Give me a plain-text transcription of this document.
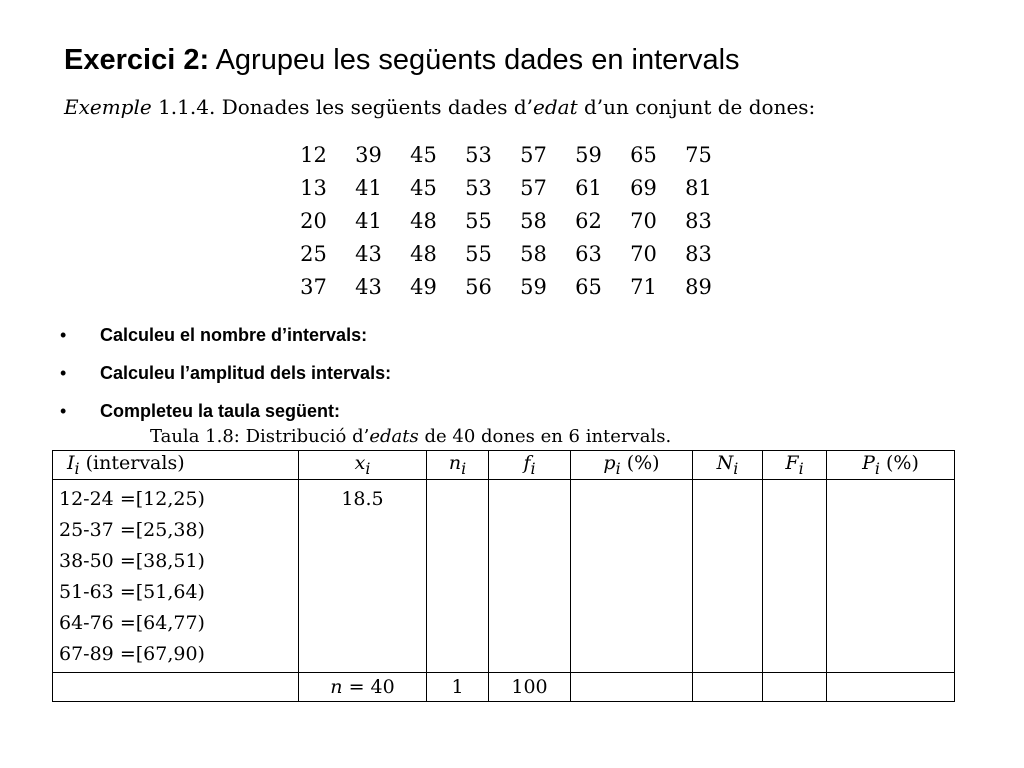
Exercici 2: Agrupeu les següents dades en intervals
Exemple 1.1.4. Donades les següents dades d’edat d’un conjunt de dones:
12	39	45	53	57	59	65	75
13	41	45	53	57	61	69	81
20	41	48	55	58	62	70	83
25	43	48	55	58	63	70	83
37	43	49	56	59	65	71	89
• Calculeu el nombre d’intervals:
• Calculeu l’amplitud dels intervals:
• Completeu la taula següent:
Taula 1.8: Distribució d’edats de 40 dones en 6 intervals.
$I_i$ (intervals)	$x_i$	$n_i$	$f_i$	$p_i$ (%)	$N_i$	$F_i$	$P_i$ (%)
12-24 =[12,25)	18.5						
25-37 =[25,38)							
38-50 =[38,51)							
51-63 =[51,64)							
64-76 =[64,77)							
67-89 =[67,90)							
	n = 40	1	100				
